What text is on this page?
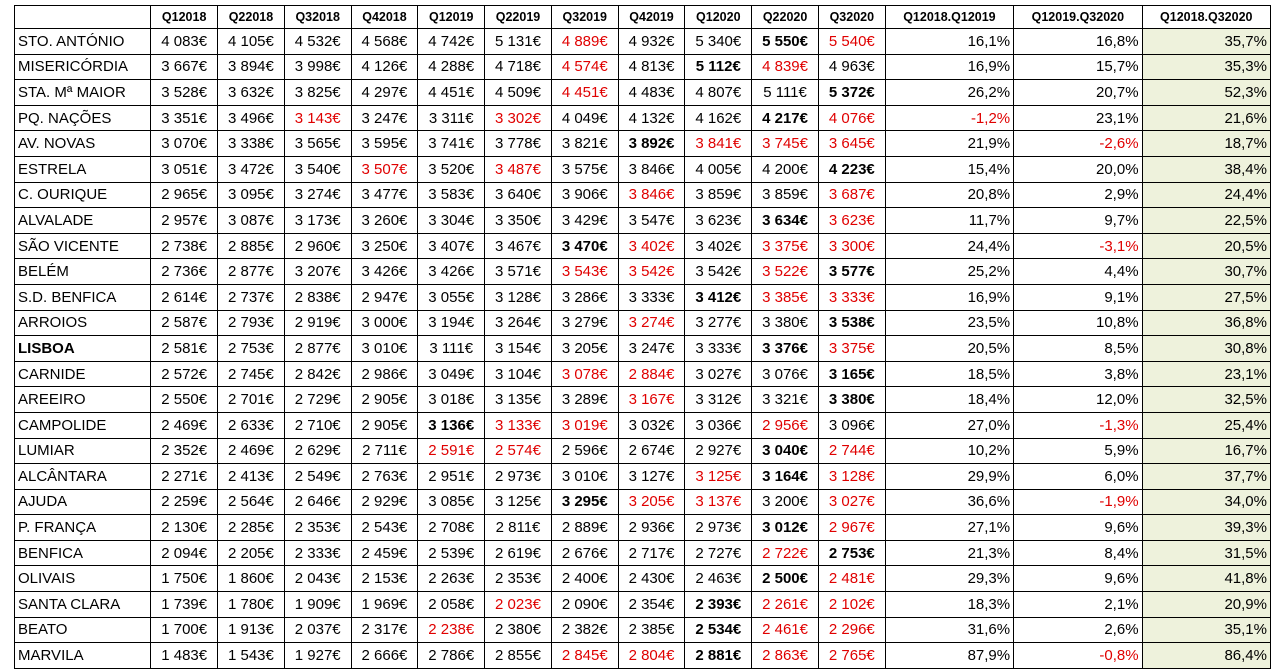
	Q12018	Q22018	Q32018	Q42018	Q12019	Q22019	Q32019	Q42019	Q12020	Q22020	Q32020	Q12018.Q12019	Q12019.Q32020	Q12018.Q32020
STO. ANTÓNIO	4 083€	4 105€	4 532€	4 568€	4 742€	5 131€	4 889€	4 932€	5 340€	5 550€	5 540€	16,1%	16,8%	35,7%
MISERICÓRDIA	3 667€	3 894€	3 998€	4 126€	4 288€	4 718€	4 574€	4 813€	5 112€	4 839€	4 963€	16,9%	15,7%	35,3%
STA. Mª MAIOR	3 528€	3 632€	3 825€	4 297€	4 451€	4 509€	4 451€	4 483€	4 807€	5 111€	5 372€	26,2%	20,7%	52,3%
PQ. NAÇÕES	3 351€	3 496€	3 143€	3 247€	3 311€	3 302€	4 049€	4 132€	4 162€	4 217€	4 076€	-1,2%	23,1%	21,6%
AV. NOVAS	3 070€	3 338€	3 565€	3 595€	3 741€	3 778€	3 821€	3 892€	3 841€	3 745€	3 645€	21,9%	-2,6%	18,7%
ESTRELA	3 051€	3 472€	3 540€	3 507€	3 520€	3 487€	3 575€	3 846€	4 005€	4 200€	4 223€	15,4%	20,0%	38,4%
C. OURIQUE	2 965€	3 095€	3 274€	3 477€	3 583€	3 640€	3 906€	3 846€	3 859€	3 859€	3 687€	20,8%	2,9%	24,4%
ALVALADE	2 957€	3 087€	3 173€	3 260€	3 304€	3 350€	3 429€	3 547€	3 623€	3 634€	3 623€	11,7%	9,7%	22,5%
SÃO VICENTE	2 738€	2 885€	2 960€	3 250€	3 407€	3 467€	3 470€	3 402€	3 402€	3 375€	3 300€	24,4%	-3,1%	20,5%
BELÉM	2 736€	2 877€	3 207€	3 426€	3 426€	3 571€	3 543€	3 542€	3 542€	3 522€	3 577€	25,2%	4,4%	30,7%
S.D. BENFICA	2 614€	2 737€	2 838€	2 947€	3 055€	3 128€	3 286€	3 333€	3 412€	3 385€	3 333€	16,9%	9,1%	27,5%
ARROIOS	2 587€	2 793€	2 919€	3 000€	3 194€	3 264€	3 279€	3 274€	3 277€	3 380€	3 538€	23,5%	10,8%	36,8%
LISBOA	2 581€	2 753€	2 877€	3 010€	3 111€	3 154€	3 205€	3 247€	3 333€	3 376€	3 375€	20,5%	8,5%	30,8%
CARNIDE	2 572€	2 745€	2 842€	2 986€	3 049€	3 104€	3 078€	2 884€	3 027€	3 076€	3 165€	18,5%	3,8%	23,1%
AREEIRO	2 550€	2 701€	2 729€	2 905€	3 018€	3 135€	3 289€	3 167€	3 312€	3 321€	3 380€	18,4%	12,0%	32,5%
CAMPOLIDE	2 469€	2 633€	2 710€	2 905€	3 136€	3 133€	3 019€	3 032€	3 036€	2 956€	3 096€	27,0%	-1,3%	25,4%
LUMIAR	2 352€	2 469€	2 629€	2 711€	2 591€	2 574€	2 596€	2 674€	2 927€	3 040€	2 744€	10,2%	5,9%	16,7%
ALCÂNTARA	2 271€	2 413€	2 549€	2 763€	2 951€	2 973€	3 010€	3 127€	3 125€	3 164€	3 128€	29,9%	6,0%	37,7%
AJUDA	2 259€	2 564€	2 646€	2 929€	3 085€	3 125€	3 295€	3 205€	3 137€	3 200€	3 027€	36,6%	-1,9%	34,0%
P. FRANÇA	2 130€	2 285€	2 353€	2 543€	2 708€	2 811€	2 889€	2 936€	2 973€	3 012€	2 967€	27,1%	9,6%	39,3%
BENFICA	2 094€	2 205€	2 333€	2 459€	2 539€	2 619€	2 676€	2 717€	2 727€	2 722€	2 753€	21,3%	8,4%	31,5%
OLIVAIS	1 750€	1 860€	2 043€	2 153€	2 263€	2 353€	2 400€	2 430€	2 463€	2 500€	2 481€	29,3%	9,6%	41,8%
SANTA CLARA	1 739€	1 780€	1 909€	1 969€	2 058€	2 023€	2 090€	2 354€	2 393€	2 261€	2 102€	18,3%	2,1%	20,9%
BEATO	1 700€	1 913€	2 037€	2 317€	2 238€	2 380€	2 382€	2 385€	2 534€	2 461€	2 296€	31,6%	2,6%	35,1%
MARVILA	1 483€	1 543€	1 927€	2 666€	2 786€	2 855€	2 845€	2 804€	2 881€	2 863€	2 765€	87,9%	-0,8%	86,4%
